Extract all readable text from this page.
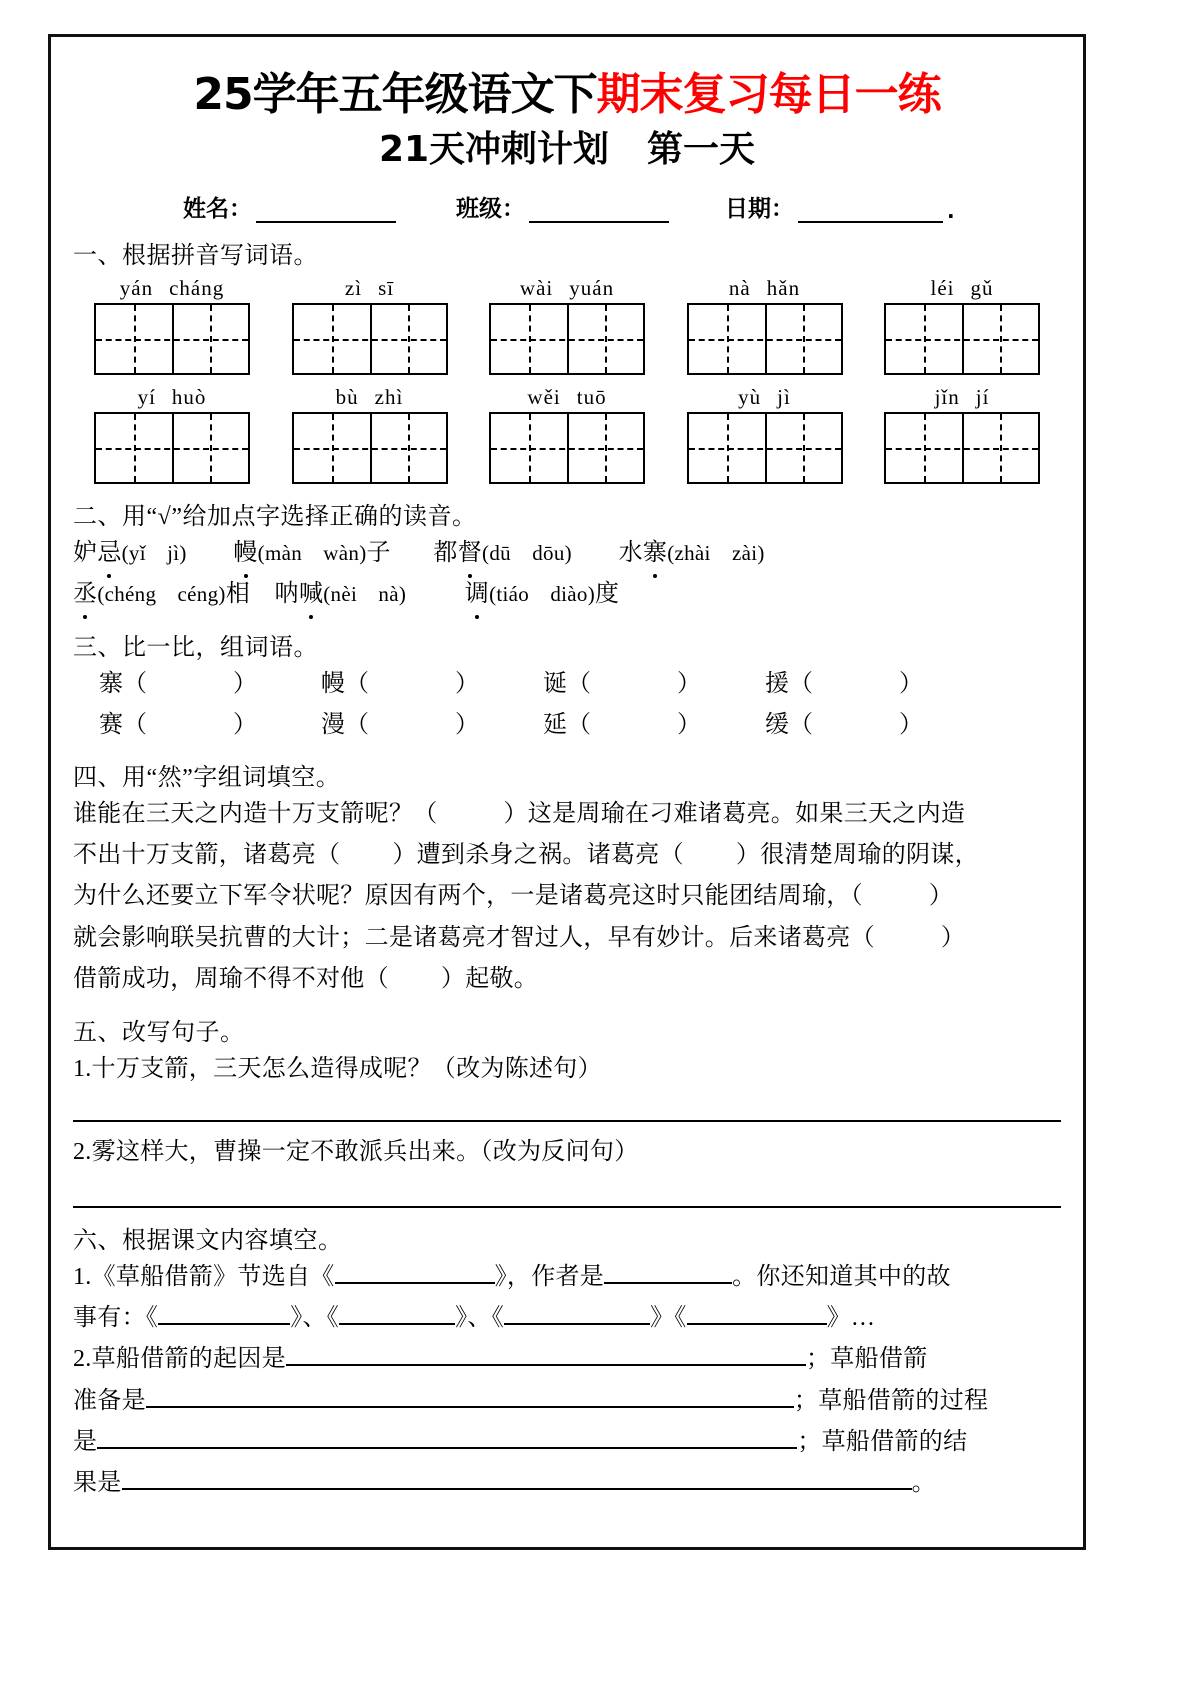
25学年五年级语文下期末复习每日一练
21天冲刺计划 第一天
姓名：	班级：	日期：	.
一、根据拼音写词语。
yán cháng	zì sī	wài yuán	nà hǎn	léi gǔ
yí huò	bù zhì	wěi tuō	yù jì	jǐn jí
二、用“√”给加点字选择正确的读音。
妒忌(yǐ　jì) 幔(màn　wàn)子 都督(dū　dōu) 水寨(zhài　zài)
丞(chéng　céng)相 呐喊(nèi　nà) 调(tiáo　diào)度
三、比一比，组词语。
寨（	）	幔（	）	诞（	）	援（	）
赛（	）	漫（	）	延（	）	缓（	）
四、用“然”字组词填空。
谁能在三天之内造十万支箭呢？（	）这是周瑜在刁难诸葛亮。如果三天之内造
不出十万支箭，诸葛亮（ ）遭到杀身之祸。诸葛亮（ ）很清楚周瑜的阴谋，
为什么还要立下军令状呢？原因有两个，一是诸葛亮这时只能团结周瑜，（	）
就会影响联吴抗曹的大计；二是诸葛亮才智过人，早有妙计。后来诸葛亮（	）
借箭成功，周瑜不得不对他（ ）起敬。
五、改写句子。
1.十万支箭，三天怎么造得成呢？（改为陈述句）
2.雾这样大，曹操一定不敢派兵出来。（改为反问句）
六、根据课文内容填空。
1.《草船借箭》节选自《	》，作者是	。你还知道其中的故
事有：《	》、《	》、《	》《	》…
2.草船借箭的起因是	；草船借箭
准备是	；草船借箭的过程
是	；草船借箭的结
果是	。
